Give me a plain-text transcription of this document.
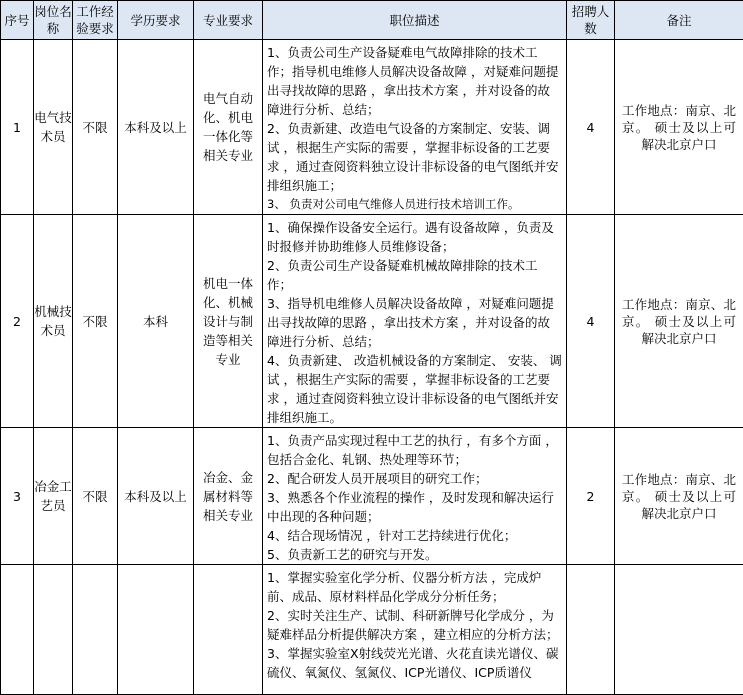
序号	岗位名称	工作经验要求	学历要求	专业要求	职位描述	招聘人数	备注
1	电气技术员	不限	本科及以上	电气自动化、机电一体化等相关专业	1、负责公司生产设备疑难电气故障排除的技术工作；指导机电维修人员解决设备故障 ，对疑难问题提出寻找故障的思路 ，拿出技术方案 ，并对设备的故障进行分析、总结；
2、负责新建、改造电气设备的方案制定、安装、调试 ，根据生产实际的需要 ，掌握非标设备的工艺要求 ，通过查阅资料独立设计非标设备的电气图纸并安排组织施工；
3、 负责对公司电气维修人员进行技术培训工作。	4	工作地点：南京、北京。 硕士及以上可解决北京户口
2	机械技术员	不限	本科	机电一体化、机械设计与制造等相关专业	1、确保操作设备安全运行。遇有设备故障 ，负责及时报修并协助维修人员维修设备；
2、负责公司生产设备疑难机械故障排除的技术工作；
3、指导机电维修人员解决设备故障 ，对疑难问题提出寻找故障的思路 ，拿出技术方案 ，并对设备的故障进行分析、总结；
4、负责新建、 改造机械设备的方案制定、 安装、 调试 ，根据生产实际的需要 ，掌握非标设备的工艺要求 ，通过查阅资料独立设计非标设备的电气图纸并安排组织施工。	4	工作地点：南京、北京。 硕士及以上可解决北京户口
3	冶金工艺员	不限	本科及以上	冶金、金属材料等相关专业	1、负责产品实现过程中工艺的执行 ，有多个方面 ，包括合金化、轧钢、热处理等环节；
2、配合研发人员开展项目的研究工作；
3、熟悉各个作业流程的操作 ，及时发现和解决运行中出现的各种问题；
4、结合现场情况 ，针对工艺持续进行优化；
5、负责新工艺的研究与开发。	2	工作地点：南京、北京。 硕士及以上可解决北京户口

					1、掌握实验室化学分析、仪器分析方法 ，完成炉前、成品、原材料样品化学成分分析任务；
2、实时关注生产、试制、科研新牌号化学成分 ，为疑难样品分析提供解决方案 ，建立相应的分析方法；
3、掌握实验室X射线荧光光谱、火花直读光谱仪、碳硫仪、氧氮仪、氢氮仪、ICP光谱仪、ICP质谱仪		
